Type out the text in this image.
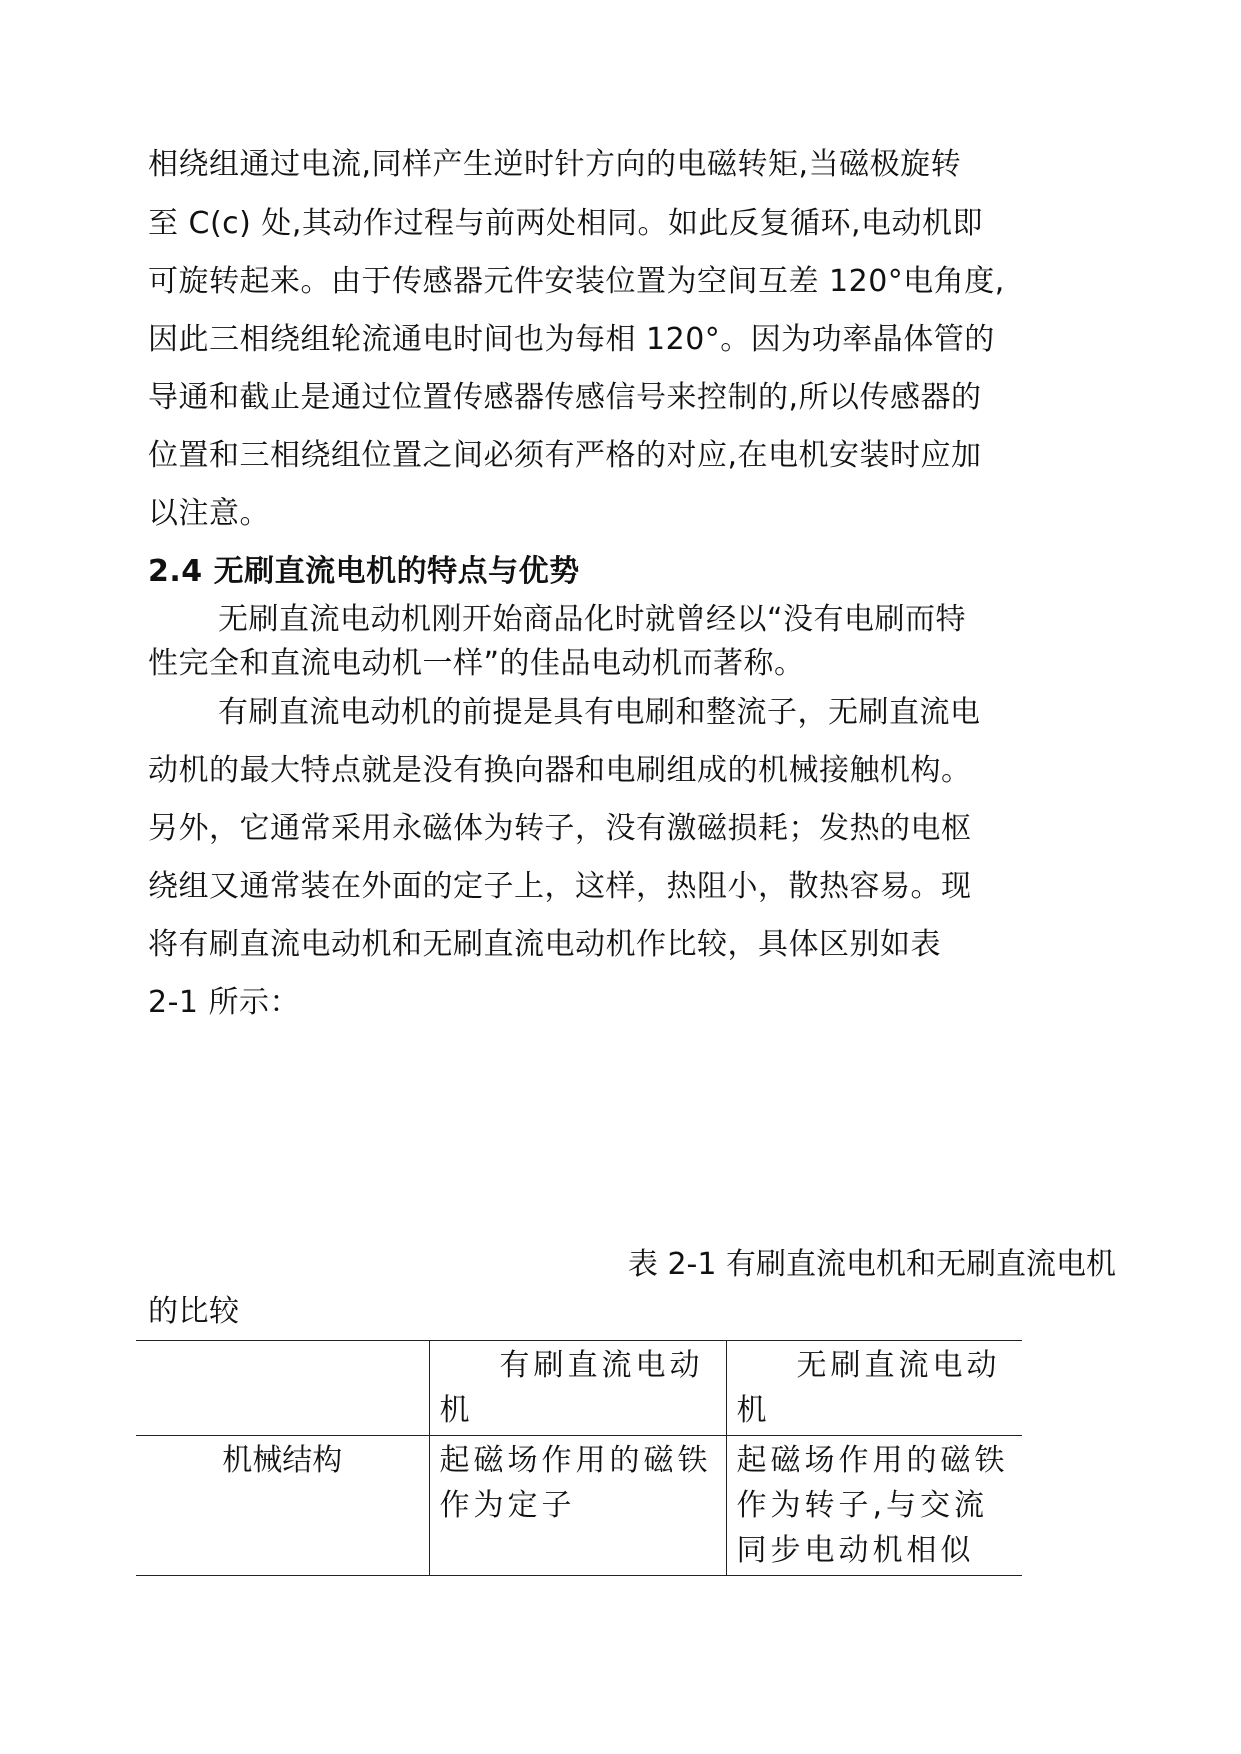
相绕组通过电流,同样产生逆时针方向的电磁转矩,当磁极旋转
至 C(c) 处,其动作过程与前两处相同。如此反复循环,电动机即
可旋转起来。由于传感器元件安装位置为空间互差 120°电角度,
因此三相绕组轮流通电时间也为每相 120°。因为功率晶体管的
导通和截止是通过位置传感器传感信号来控制的,所以传感器的
位置和三相绕组位置之间必须有严格的对应,在电机安装时应加
以注意。
2.4 无刷直流电机的特点与优势
无刷直流电动机刚开始商品化时就曾经以“没有电刷而特
性完全和直流电动机一样”的佳品电动机而著称。
有刷直流电动机的前提是具有电刷和整流子，无刷直流电
动机的最大特点就是没有换向器和电刷组成的机械接触机构。
另外，它通常采用永磁体为转子，没有激磁损耗；发热的电枢
绕组又通常装在外面的定子上，这样，热阻小，散热容易。现
将有刷直流电动机和无刷直流电动机作比较，具体区别如表
2-1 所示：
表 2-1 有刷直流电机和无刷直流电机
的比较

	有刷直流电动机	无刷直流电动机

机械结构	起磁场作用的磁铁作为定子	起磁场作用的磁铁作为转子,与交流同步电动机相似
